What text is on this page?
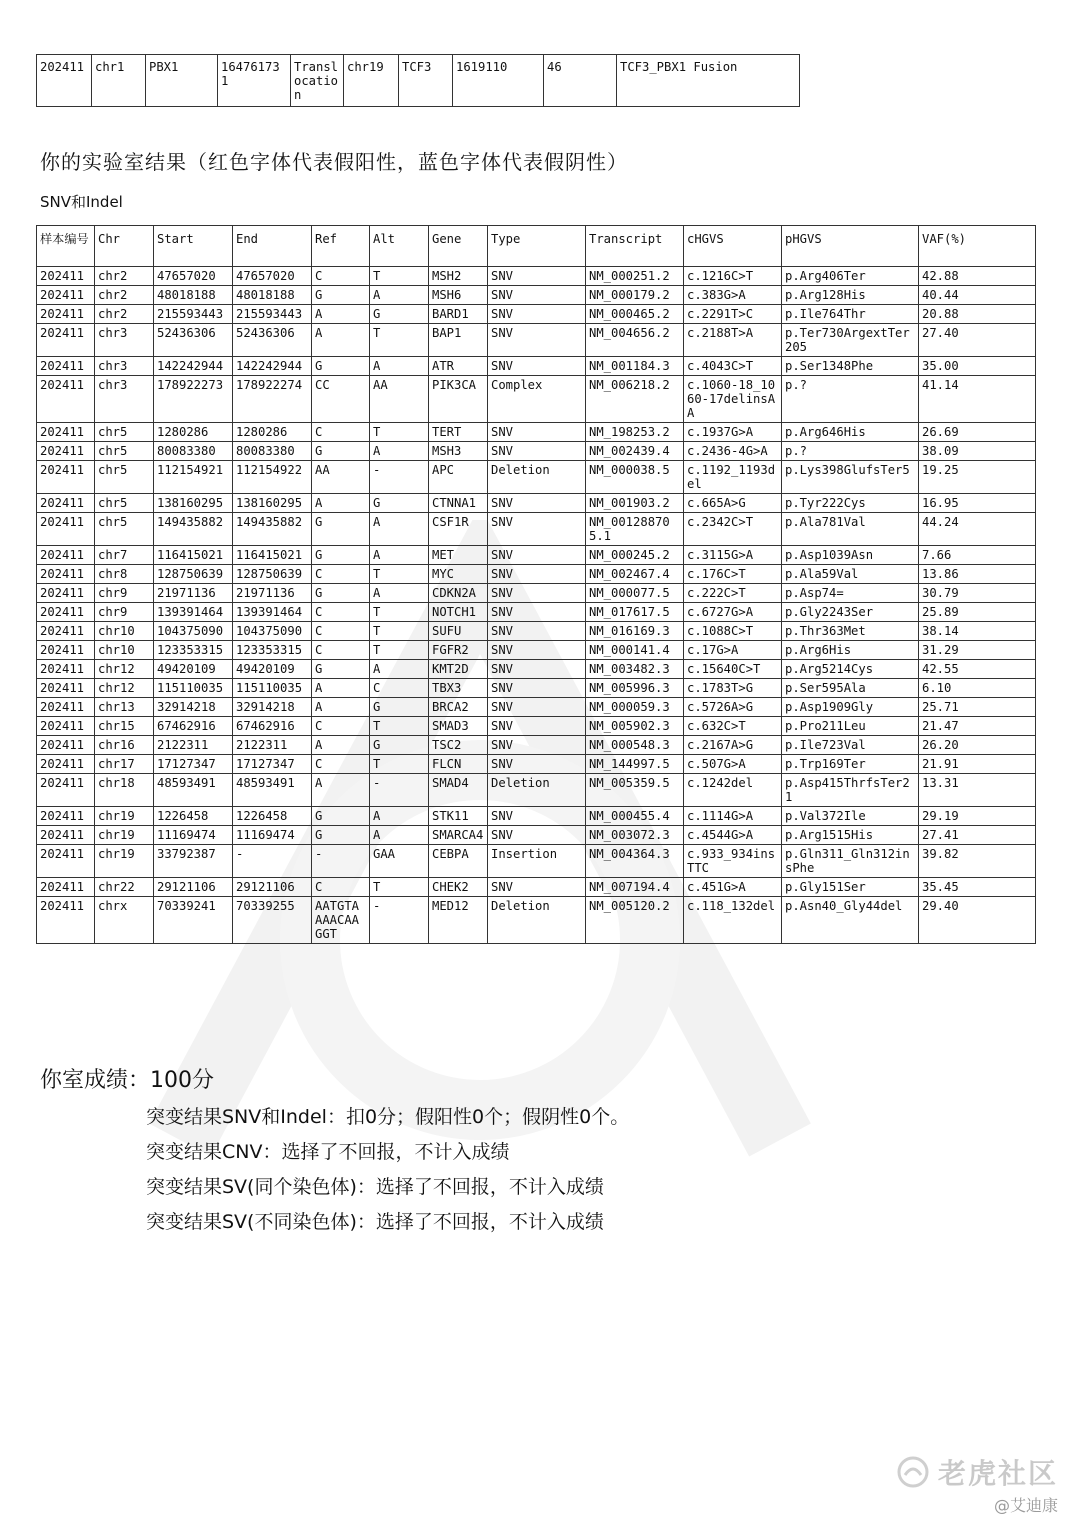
202411	chr1	PBX1	164761731	Translocation	chr19	TCF3	1619110	46	TCF3_PBX1 Fusion
你的实验室结果（红色字体代表假阳性，蓝色字体代表假阴性）
SNV和Indel
样本编号	Chr	Start	End	Ref	Alt	Gene	Type	Transcript	cHGVS	pHGVS	VAF(%)
202411	chr2	47657020	47657020	C	T	MSH2	SNV	NM_000251.2	c.1216C>T	p.Arg406Ter	42.88
202411	chr2	48018188	48018188	G	A	MSH6	SNV	NM_000179.2	c.383G>A	p.Arg128His	40.44
202411	chr2	215593443	215593443	A	G	BARD1	SNV	NM_000465.2	c.2291T>C	p.Ile764Thr	20.88
202411	chr3	52436306	52436306	A	T	BAP1	SNV	NM_004656.2	c.2188T>A	p.Ter730ArgextTer205	27.40
202411	chr3	142242944	142242944	G	A	ATR	SNV	NM_001184.3	c.4043C>T	p.Ser1348Phe	35.00
202411	chr3	178922273	178922274	CC	AA	PIK3CA	Complex	NM_006218.2	c.1060-18_1060-17delinsAA	p.?	41.14
202411	chr5	1280286	1280286	C	T	TERT	SNV	NM_198253.2	c.1937G>A	p.Arg646His	26.69
202411	chr5	80083380	80083380	G	A	MSH3	SNV	NM_002439.4	c.2436-4G>A	p.?	38.09
202411	chr5	112154921	112154922	AA	-	APC	Deletion	NM_000038.5	c.1192_1193del	p.Lys398GlufsTer5	19.25
202411	chr5	138160295	138160295	A	G	CTNNA1	SNV	NM_001903.2	c.665A>G	p.Tyr222Cys	16.95
202411	chr5	149435882	149435882	G	A	CSF1R	SNV	NM_001288705.1	c.2342C>T	p.Ala781Val	44.24
202411	chr7	116415021	116415021	G	A	MET	SNV	NM_000245.2	c.3115G>A	p.Asp1039Asn	7.66
202411	chr8	128750639	128750639	C	T	MYC	SNV	NM_002467.4	c.176C>T	p.Ala59Val	13.86
202411	chr9	21971136	21971136	G	A	CDKN2A	SNV	NM_000077.5	c.222C>T	p.Asp74=	30.79
202411	chr9	139391464	139391464	C	T	NOTCH1	SNV	NM_017617.5	c.6727G>A	p.Gly2243Ser	25.89
202411	chr10	104375090	104375090	C	T	SUFU	SNV	NM_016169.3	c.1088C>T	p.Thr363Met	38.14
202411	chr10	123353315	123353315	C	T	FGFR2	SNV	NM_000141.4	c.17G>A	p.Arg6His	31.29
202411	chr12	49420109	49420109	G	A	KMT2D	SNV	NM_003482.3	c.15640C>T	p.Arg5214Cys	42.55
202411	chr12	115110035	115110035	A	C	TBX3	SNV	NM_005996.3	c.1783T>G	p.Ser595Ala	6.10
202411	chr13	32914218	32914218	A	G	BRCA2	SNV	NM_000059.3	c.5726A>G	p.Asp1909Gly	25.71
202411	chr15	67462916	67462916	C	T	SMAD3	SNV	NM_005902.3	c.632C>T	p.Pro211Leu	21.47
202411	chr16	2122311	2122311	A	G	TSC2	SNV	NM_000548.3	c.2167A>G	p.Ile723Val	26.20
202411	chr17	17127347	17127347	C	T	FLCN	SNV	NM_144997.5	c.507G>A	p.Trp169Ter	21.91
202411	chr18	48593491	48593491	A	-	SMAD4	Deletion	NM_005359.5	c.1242del	p.Asp415ThrfsTer21	13.31
202411	chr19	1226458	1226458	G	A	STK11	SNV	NM_000455.4	c.1114G>A	p.Val372Ile	29.19
202411	chr19	11169474	11169474	G	A	SMARCA4	SNV	NM_003072.3	c.4544G>A	p.Arg1515His	27.41
202411	chr19	33792387	-	-	GAA	CEBPA	Insertion	NM_004364.3	c.933_934insTTC	p.Gln311_Gln312insPhe	39.82
202411	chr22	29121106	29121106	C	T	CHEK2	SNV	NM_007194.4	c.451G>A	p.Gly151Ser	35.45
202411	chrx	70339241	70339255	AATGTAAAACAAGGT	-	MED12	Deletion	NM_005120.2	c.118_132del	p.Asn40_Gly44del	29.40
你室成绩：100分
突变结果SNV和Indel：扣0分；假阳性0个；假阴性0个。
突变结果CNV：选择了不回报，不计入成绩
突变结果SV(同个染色体)：选择了不回报，不计入成绩
突变结果SV(不同染色体)：选择了不回报，不计入成绩
老虎社区
@艾迪康
